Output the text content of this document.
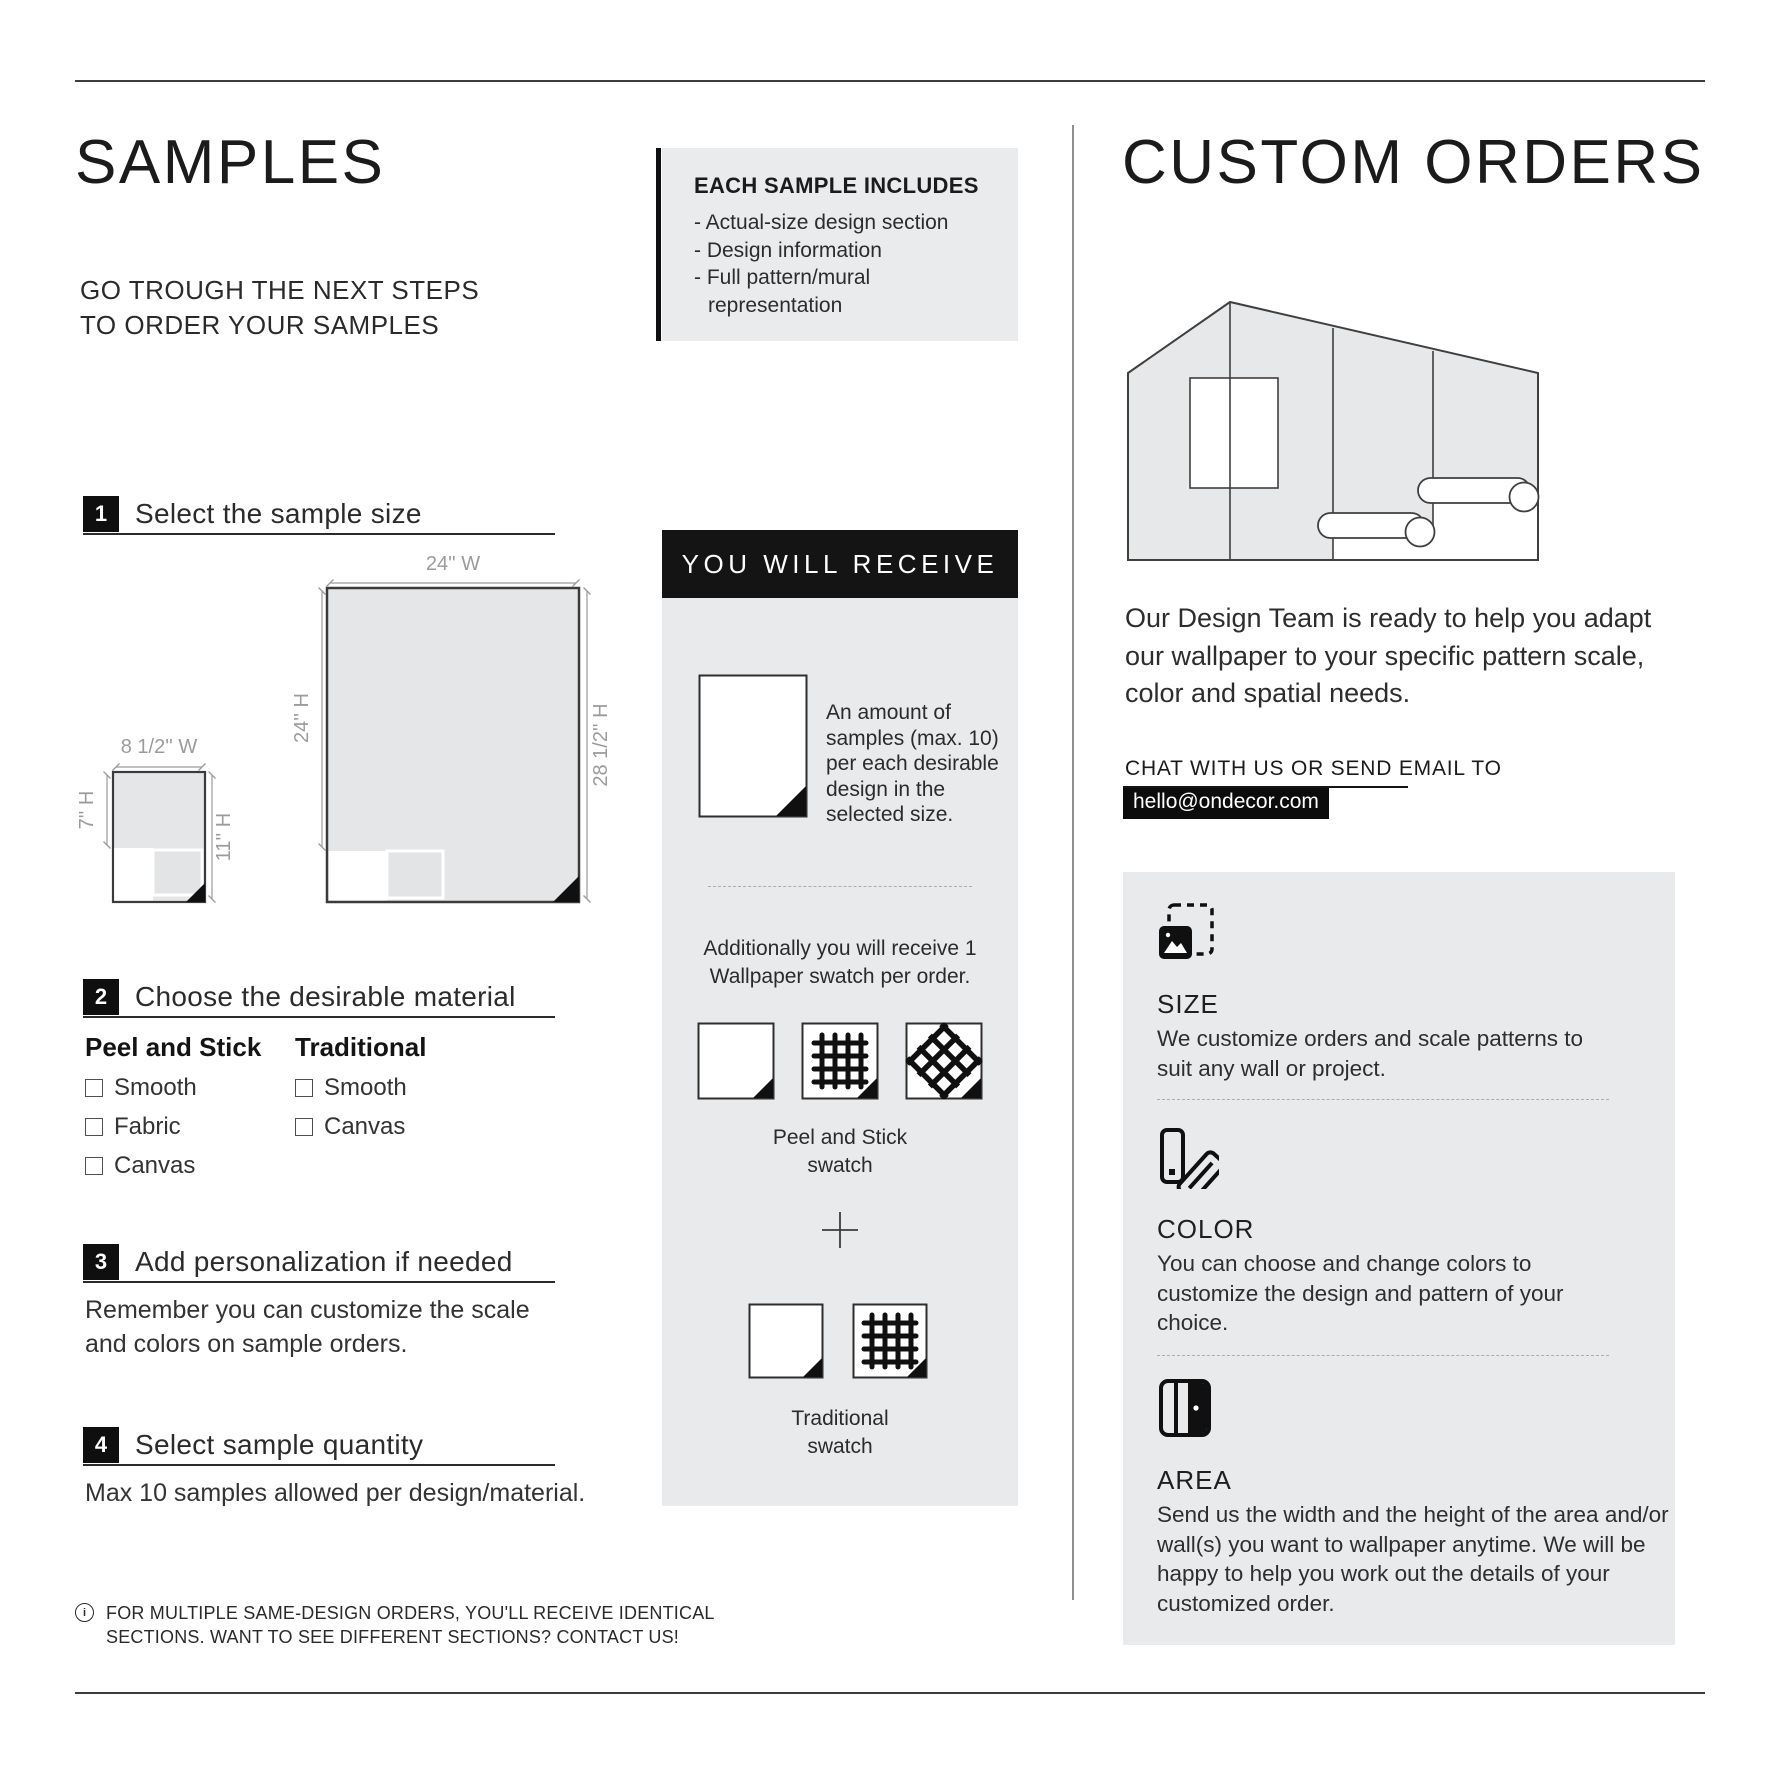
SAMPLES
GO TROUGH THE NEXT STEPS
TO ORDER YOUR SAMPLES
EACH SAMPLE INCLUDES
- Actual-size design section
- Design information
- Full pattern/mural representation
1 Select the sample size
24'' W
24'' H	28 1/2'' H
8 1/2'' W
7'' H
11'' H
2 Choose the desirable material
Peel and Stick
Smooth
Fabric
Canvas
Traditional
Smooth
Canvas
3 Add personalization if needed
Remember you can customize the scale and colors on sample orders.
4 Select sample quantity
Max 10 samples allowed per design/material.
i	FOR MULTIPLE SAME-DESIGN ORDERS, YOU'LL RECEIVE IDENTICAL SECTIONS. WANT TO SEE DIFFERENT SECTIONS? CONTACT US!
YOU WILL RECEIVE
An amount of samples (max. 10) per each desirable design in the selected size.
Additionally you will receive 1 Wallpaper swatch per order.
Peel and Stick swatch
Traditional swatch
CUSTOM ORDERS
Our Design Team is ready to help you adapt our wallpaper to your specific pattern scale, color and spatial needs.
CHAT WITH US OR SEND EMAIL TO
hello@ondecor.com
SIZE
We customize orders and scale patterns to suit any wall or project.
COLOR
You can choose and change colors to customize the design and pattern of your choice.
AREA
Send us the width and the height of the area and/or wall(s) you want to wallpaper anytime. We will be happy to help you work out the details of your customized order.
